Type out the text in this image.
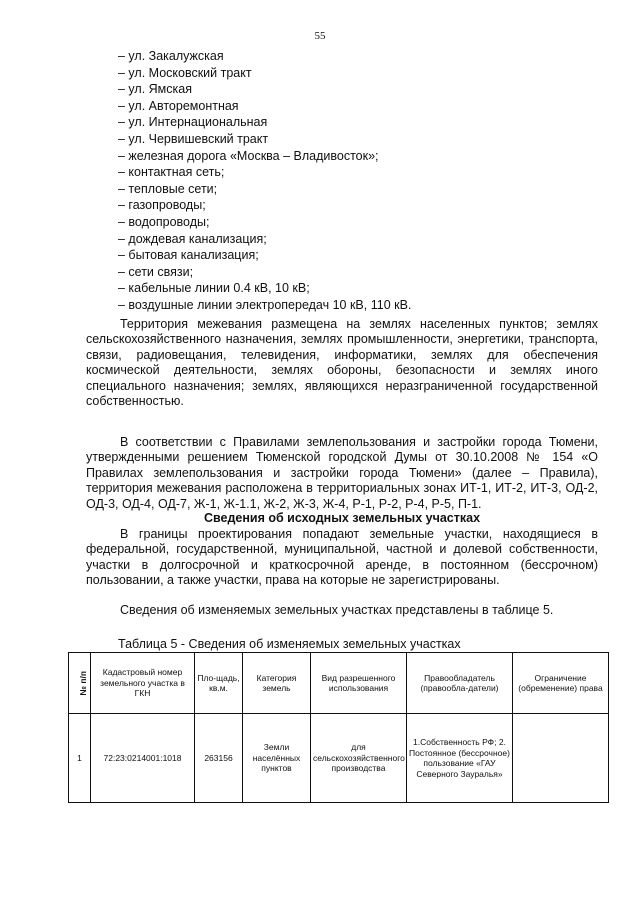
55
– ул. Закалужская
– ул. Московский тракт
– ул. Ямская
– ул. Авторемонтная
– ул. Интернациональная
– ул. Червишевский тракт
– железная дорога «Москва – Владивосток»;
– контактная сеть;
– тепловые сети;
– газопроводы;
– водопроводы;
– дождевая канализация;
– бытовая канализация;
– сети связи;
– кабельные линии 0.4 кВ, 10 кВ;
– воздушные линии электропередач 10 кВ, 110 кВ.

Территория межевания размещена на землях населенных пунктов; землях сельскохозяйственного назначения, землях промышленности, энергетики, транспорта, связи, радиовещания, телевидения, информатики, землях для обеспечения космической деятельности, землях обороны, безопасности и землях иного специального назначения; землях, являющихся неразграниченной государственной собственностью.

В соответствии с Правилами землепользования и застройки города Тюмени, утвержденными решением Тюменской городской Думы от 30.10.2008 № 154 «О Правилах землепользования и застройки города Тюмени» (далее – Правила), территория межевания расположена в территориальных зонах ИТ-1, ИТ-2, ИТ-3, ОД-2, ОД-3, ОД-4, ОД-7, Ж-1, Ж-1.1, Ж-2, Ж-3, Ж-4, Р-1, Р-2, Р-4, Р-5, П-1.

Сведения об исходных земельных участках

В границы проектирования попадают земельные участки, находящиеся в федеральной, государственной, муниципальной, частной и долевой собственности, участки в долгосрочной и краткосрочной аренде, в постоянном (бессрочном) пользовании, а также участки, права на которые не зарегистрированы.

Сведения об изменяемых земельных участках представлены в таблице 5.

Таблица 5 - Сведения об изменяемых земельных участках
№ п/п	Кадастровый номер земельного участка в ГКН	Пло-щадь, кв.м.	Категория земель	Вид разрешенного использования	Правообладатель (правообла-датели)	Ограничение (обременение) права
1	72:23:0214001:1018	263156	Земли населённых пунктов	для сельскохозяйственного производства	1.Собственность РФ; 2. Постоянное (бессрочное) пользование «ГАУ Северного Зауралья»	
